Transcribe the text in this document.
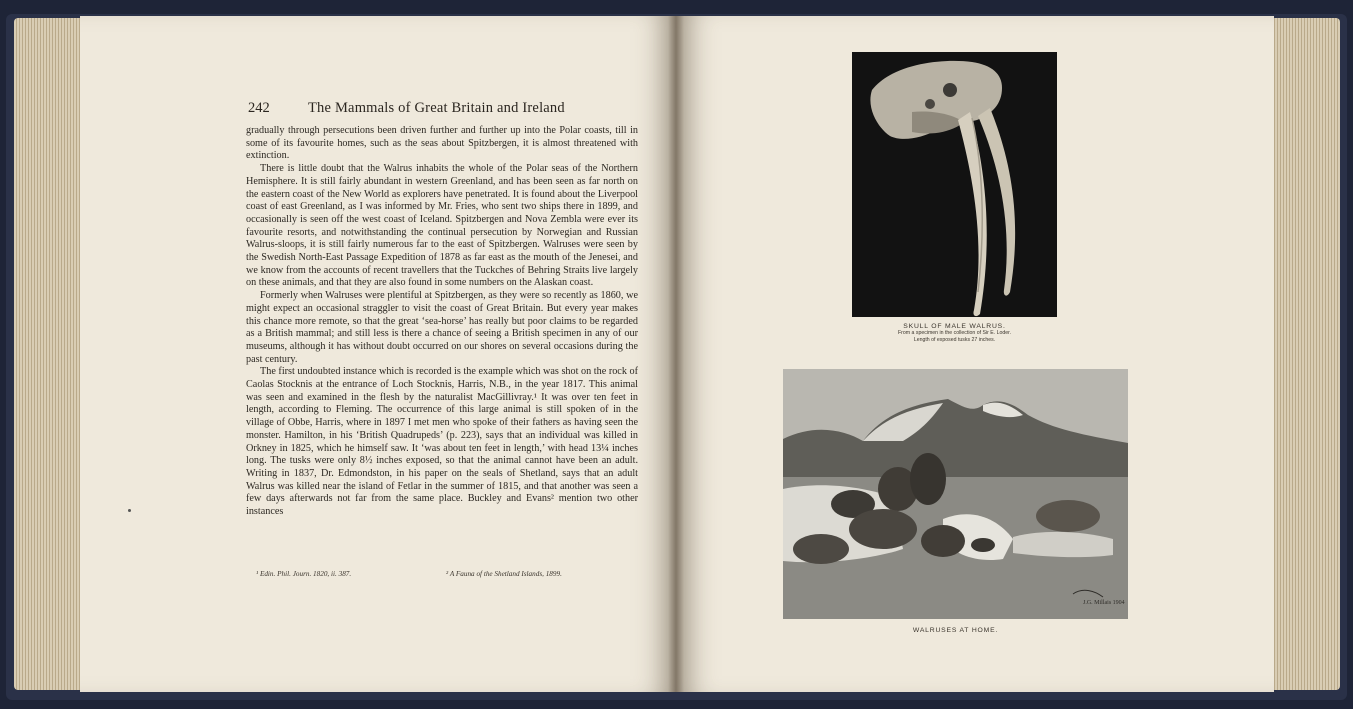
242	The Mammals of Great Britain and Ireland

gradually through persecutions been driven further and further up into the Polar coasts, till in some of its favourite homes, such as the seas about Spitzbergen, it is almost threatened with extinction.

There is little doubt that the Walrus inhabits the whole of the Polar seas of the Northern Hemisphere. It is still fairly abundant in western Greenland, and has been seen as far north on the eastern coast of the New World as explorers have penetrated. It is found about the Liverpool coast of east Greenland, as I was informed by Mr. Fries, who sent two ships there in 1899, and occasionally is seen off the west coast of Iceland. Spitzbergen and Nova Zembla were ever its favourite resorts, and notwithstanding the continual persecution by Norwegian and Russian Walrus-sloops, it is still fairly numerous far to the east of Spitzbergen. Walruses were seen by the Swedish North-East Passage Expedition of 1878 as far east as the mouth of the Jenesei, and we know from the accounts of recent travellers that the Tuckches of Behring Straits live largely on these animals, and that they are also found in some numbers on the Alaskan coast.

Formerly when Walruses were plentiful at Spitzbergen, as they were so recently as 1860, we might expect an occasional straggler to visit the coast of Great Britain. But every year makes this chance more remote, so that the great ‘sea-horse’ has really but poor claims to be regarded as a British mammal; and still less is there a chance of seeing a British specimen in any of our museums, although it has without doubt occurred on our shores on several occasions during the past century.

The first undoubted instance which is recorded is the example which was shot on the rock of Caolas Stocknis at the entrance of Loch Stocknis, Harris, N.B., in the year 1817. This animal was seen and examined in the flesh by the naturalist MacGillivray.¹ It was over ten feet in length, according to Fleming. The occurrence of this large animal is still spoken of in the village of Obbe, Harris, where in 1897 I met men who spoke of their fathers as having seen the monster. Hamilton, in his ‘British Quadrupeds’ (p. 223), says that an individual was killed in Orkney in 1825, which he himself saw. It ‘was about ten feet in length,’ with head 13¼ inches long. The tusks were only 8½ inches exposed, so that the animal cannot have been an adult. Writing in 1837, Dr. Edmondston, in his paper on the seals of Shetland, says that an adult Walrus was killed near the island of Fetlar in the summer of 1815, and that another was seen a few days afterwards not far from the same place. Buckley and Evans² mention two other instances

¹ Edin. Phil. Journ. 1820, ii. 387.	² A Fauna of the Shetland Islands, 1899.
SKULL OF MALE WALRUS.
From a specimen in the collection of Sir E. Loder.
Length of exposed tusks 27 inches.
J.G. Millais 1904
WALRUSES AT HOME.
